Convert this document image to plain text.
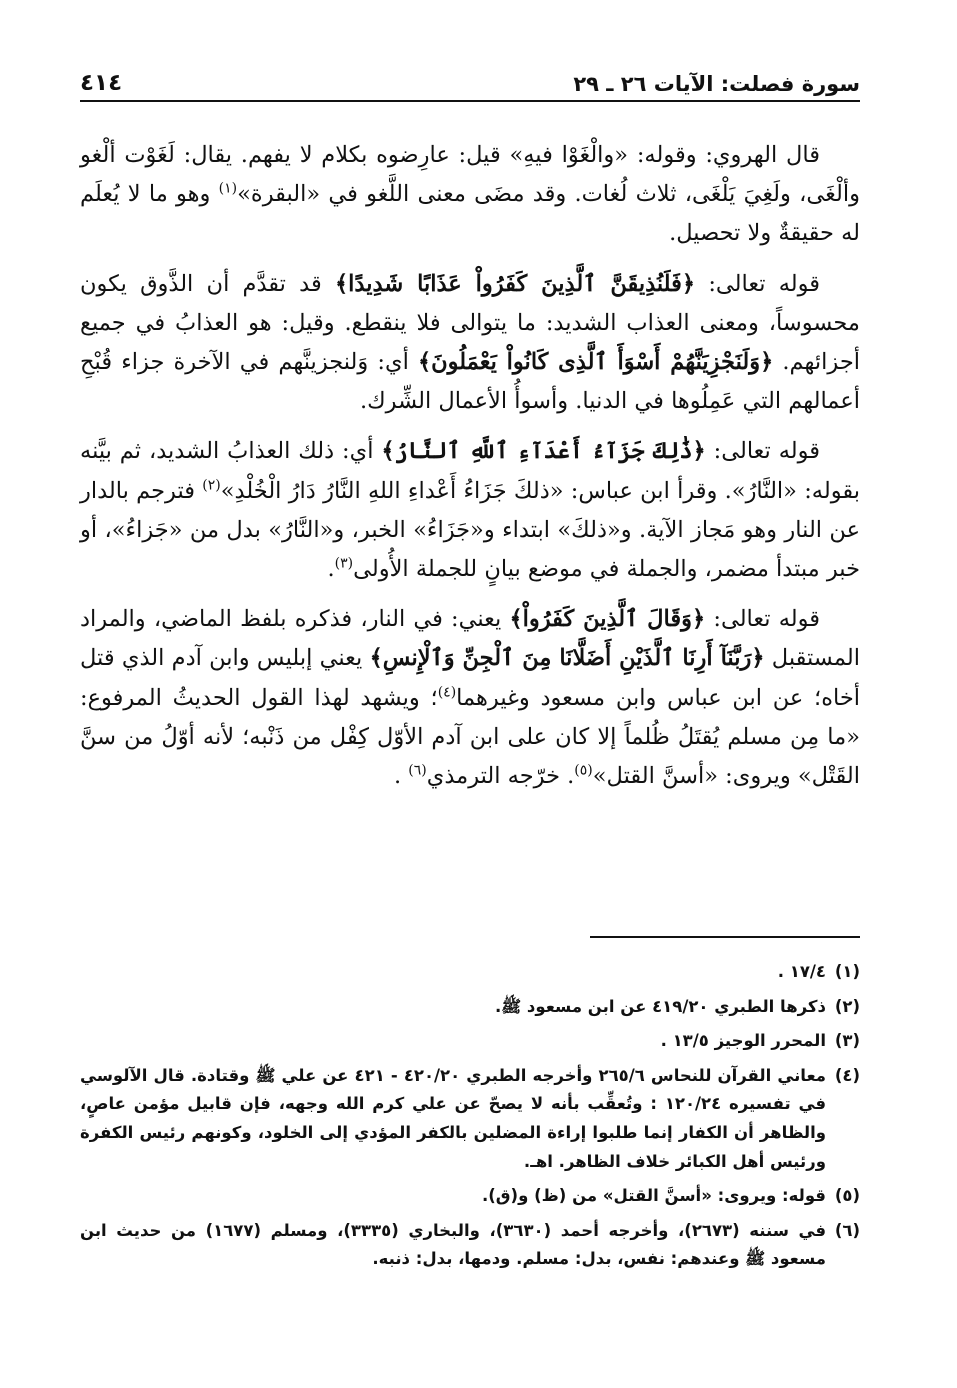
سورة فصلت: الآيات ٢٦ ـ ٢٩
٤١٤

قال الهروي: وقوله: «والْغَوْا فيهِ» قيل: عارِضوه بكلام لا يفهم. يقال: لَغَوْت ألْغو وألْغَى، ولَغِيَ يَلْغَى، ثلاث لُغات. وقد مضَى معنى اللَّغو في «البقرة»$^{(١)}$ وهو ما لا يُعلَم له حقيقةٌ ولا تحصيل.

قوله تعالى: ﴿فَلَنُذِيقَنَّ ٱلَّذِينَ كَفَرُواْ عَذَابًا شَدِيدًا﴾ قد تقدَّم أن الذَّوق يكون محسوساً، ومعنى العذاب الشديد: ما يتوالى فلا ينقطع. وقيل: هو العذابُ في جميع أجزائهم. ﴿وَلَنَجْزِيَنَّهُمْ أَسْوَأَ ٱلَّذِى كَانُواْ يَعْمَلُونَ﴾ أي: وَلنجزينَّهم في الآخرة جزاء قُبْحِ أعمالهم التي عَمِلُوها في الدنيا. وأسوأُ الأعمال الشِّرك.

قوله تعالى: ﴿ذَٰلِكَ جَزَآءُ أَعْدَآءِ ٱللَّهِ ٱلنَّارُ﴾ أي: ذلك العذابُ الشديد، ثم بيَّنه بقوله: «النَّارُ». وقرأ ابن عباس: «ذلكَ جَزَاءُ أَعْداءِ اللهِ النَّارُ دَارُ الْخُلْدِ»$^{(٢)}$ فترجم بالدار عن النار وهو مَجاز الآية. و«ذلكَ» ابتداء و«جَزَاءُ» الخبر، و«النَّارُ» بدل من «جَزاءُ»، أو خبر مبتدأ مضمر، والجملة في موضع بيانٍ للجملة الأُولى$^{(٣)}$.

قوله تعالى: ﴿وَقَالَ ٱلَّذِينَ كَفَرُواْ﴾ يعني: في النار، فذكره بلفظ الماضي، والمراد المستقبل ﴿رَبَّنَآ أَرِنَا ٱلَّذَيْنِ أَضَلَّانَا مِنَ ٱلْجِنِّ وَٱلْإِنسِ﴾ يعني إبليس وابن آدم الذي قتل أخاه؛ عن ابن عباس وابن مسعود وغيرهما$^{(٤)}$؛ ويشهد لهذا القول الحديثُ المرفوع: «ما مِن مسلم يُقتَلُ ظُلماً إلا كان على ابن آدم الأوّل كِفْل من ذَنْبه؛ لأنه أوّلُ من سنَّ القَتْل» ويروى: «أسنَّ القتل»$^{(٥)}$. خرّجه الترمذي$^{(٦)}$ .

(١)
١٧/٤ .
(٢)
ذكرها الطبري ٤١٩/٢٠ عن ابن مسعود ﷺ.
(٣)
المحرر الوجيز ١٣/٥ .
(٤)
معاني القرآن للنحاس ٢٦٥/٦ وأخرجه الطبري ٤٢٠/٢٠ - ٤٢١ عن علي ﷺ وقتادة. قال الآلوسي في تفسيره ١٢٠/٢٤ : وتُعقِّب بأنه لا يصحّ عن علي كرم الله وجهه، فإن قابيل مؤمن عاصٍ، والظاهر أن الكفار إنما طلبوا إراءة المضلين بالكفر المؤدي إلى الخلود، وكونهم رئيس الكفرة ورئيس أهل الكبائر خلاف الظاهر. اهـ.
(٥)
قوله: ويروى: «أسنَّ القتل» من (ظ) و(ق).
(٦)
في سننه (٢٦٧٣)، وأخرجه أحمد (٣٦٣٠)، والبخاري (٣٣٣٥)، ومسلم (١٦٧٧) من حديث ابن مسعود ﷺ وعندهم: نفس، بدل: مسلم. ودمها، بدل: ذنبه.
